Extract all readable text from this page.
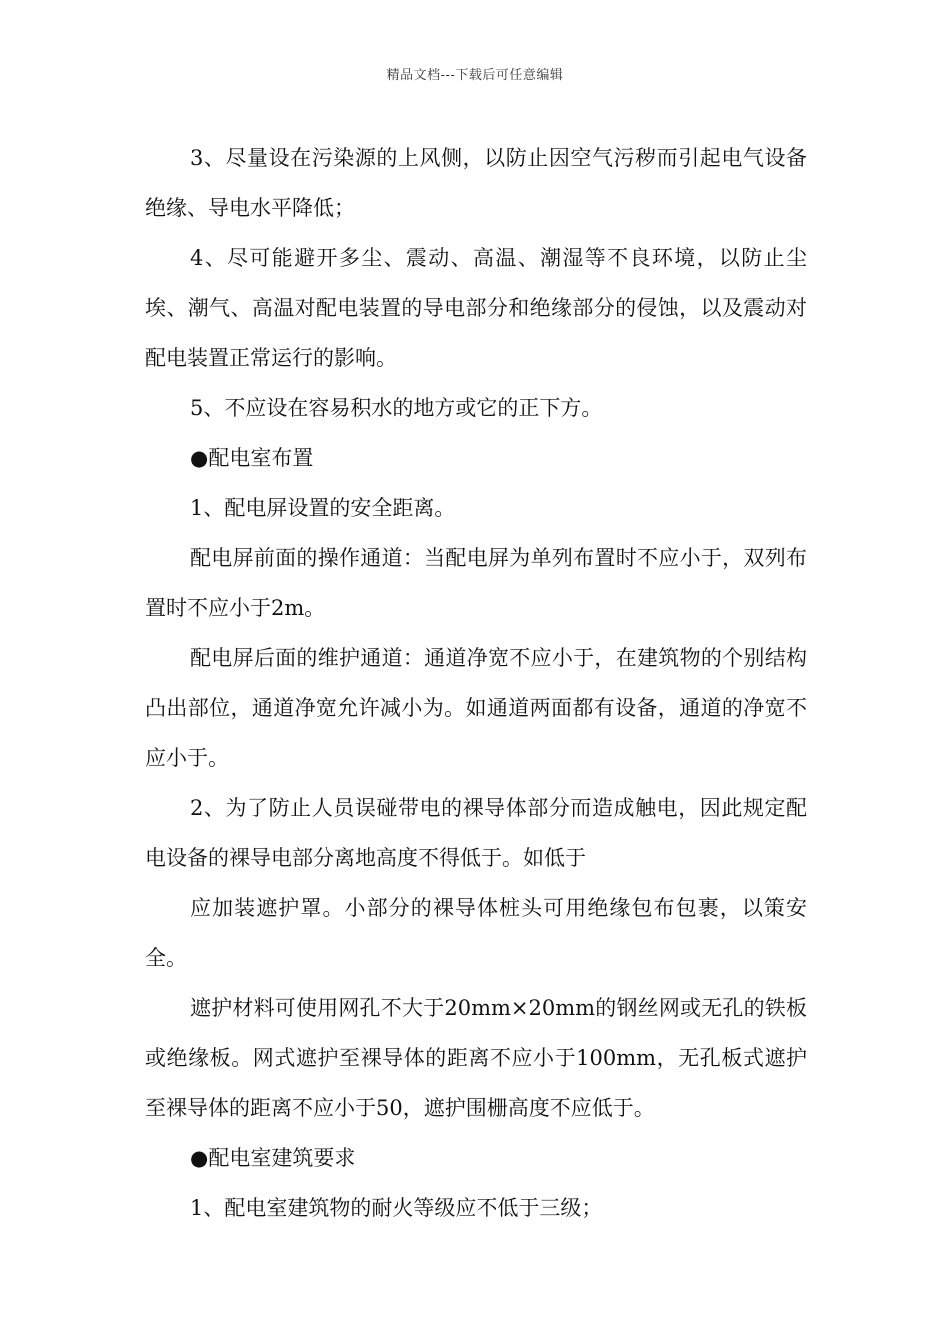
精品文档---下载后可任意编辑

3、尽量设在污染源的上风侧，以防止因空气污秽而引起电气设备绝缘、导电水平降低；

4、尽可能避开多尘、震动、高温、潮湿等不良环境，以防止尘埃、潮气、高温对配电装置的导电部分和绝缘部分的侵蚀，以及震动对配电装置正常运行的影响。

5、不应设在容易积水的地方或它的正下方。

●配电室布置

1、配电屏设置的安全距离。

配电屏前面的操作通道：当配电屏为单列布置时不应小于，双列布置时不应小于2m。

配电屏后面的维护通道：通道净宽不应小于，在建筑物的个别结构凸出部位，通道净宽允许减小为。如通道两面都有设备，通道的净宽不应小于。

2、为了防止人员误碰带电的裸导体部分而造成触电，因此规定配电设备的裸导电部分离地高度不得低于。如低于

应加装遮护罩。小部分的裸导体桩头可用绝缘包布包裹，以策安全。

遮护材料可使用网孔不大于20mm×20mm的钢丝网或无孔的铁板或绝缘板。网式遮护至裸导体的距离不应小于100mm，无孔板式遮护至裸导体的距离不应小于50，遮护围栅高度不应低于。

●配电室建筑要求

1、配电室建筑物的耐火等级应不低于三级；
